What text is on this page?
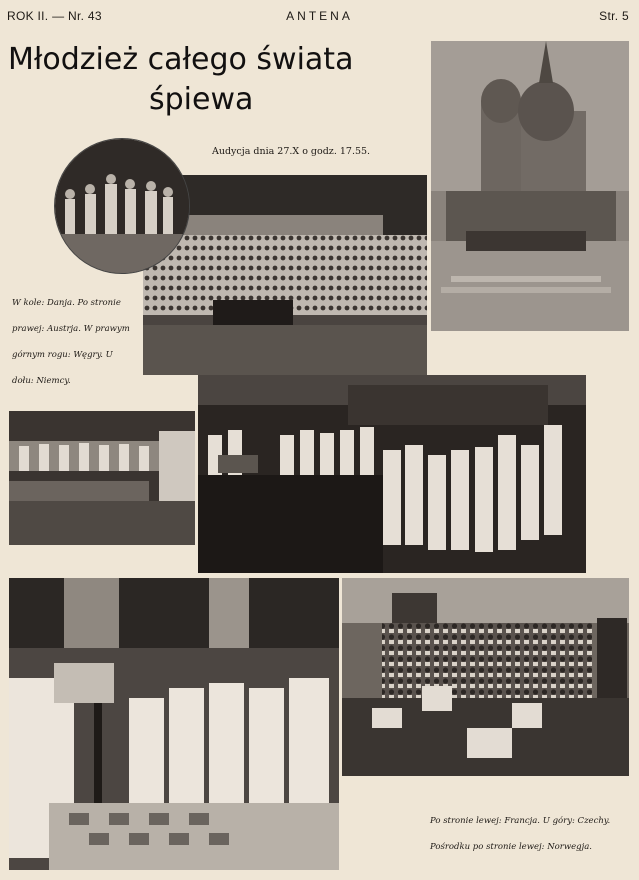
ROK II. — Nr. 43	ANTENA	Str. 5
Młodzież całego świata
śpiewa
Audycja dnia 27.X o godz. 17.55.
W kole: Danja. Po stronie prawej: Austrja. W prawym górnym rogu: Węgry. U dołu: Niemcy.
Po stronie lewej: Francja. U góry: Czechy.
Pośrodku po stronie lewej: Norwegja.
